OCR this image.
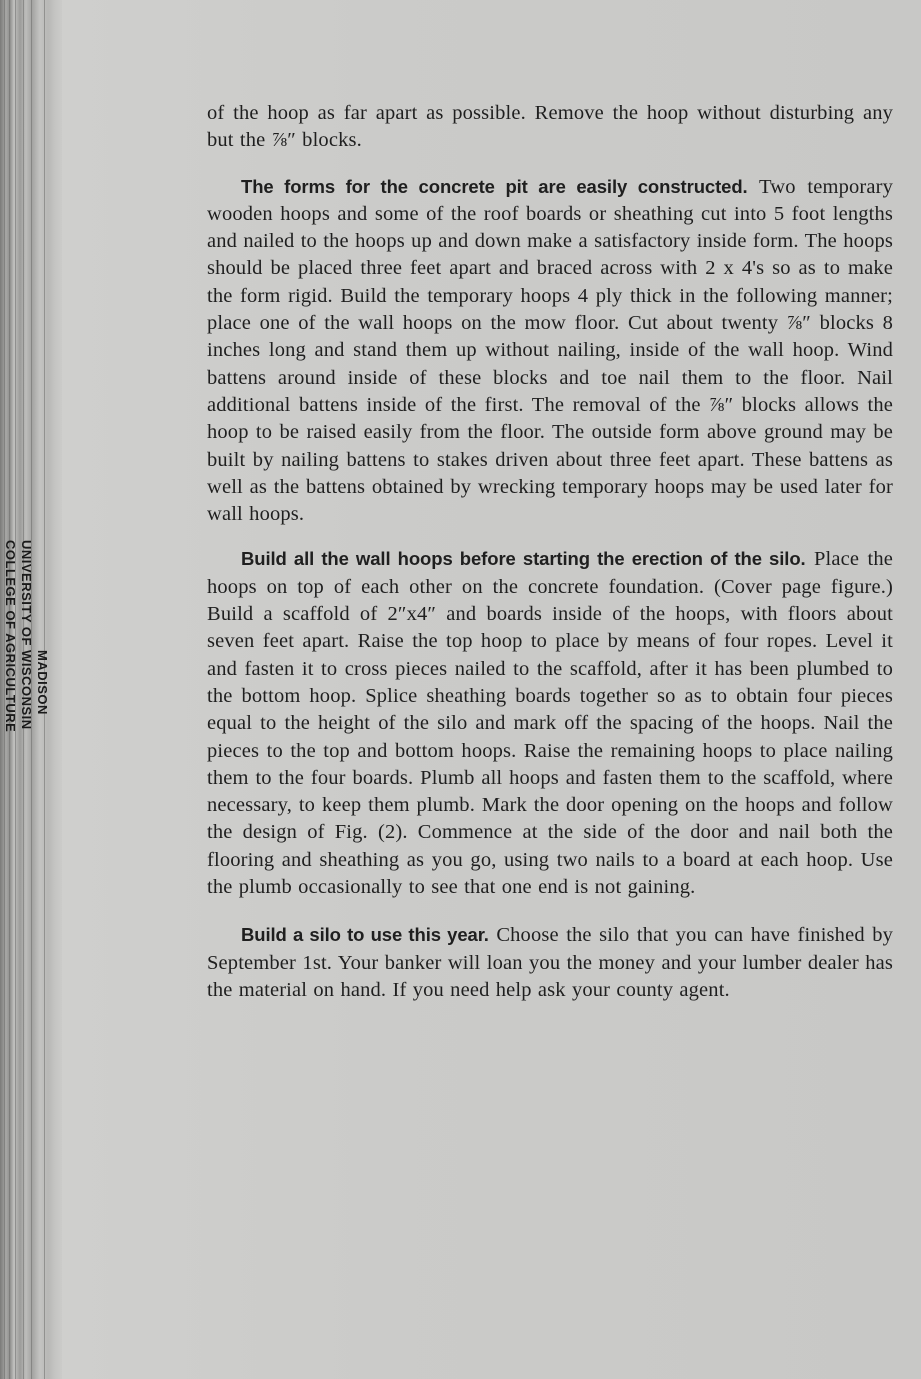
COLLEGE OF AGRICULTURE UNIVERSITY OF WISCONSIN MADISON

of the hoop as far apart as possible. Remove the hoop without disturbing any but the ⅞″ blocks.

The forms for the concrete pit are easily constructed. Two temporary wooden hoops and some of the roof boards or sheathing cut into 5 foot lengths and nailed to the hoops up and down make a satisfactory inside form. The hoops should be placed three feet apart and braced across with 2 x 4's so as to make the form rigid. Build the temporary hoops 4 ply thick in the following manner; place one of the wall hoops on the mow floor. Cut about twenty ⅞″ blocks 8 inches long and stand them up without nailing, inside of the wall hoop. Wind battens around inside of these blocks and toe nail them to the floor. Nail additional battens inside of the first. The removal of the ⅞″ blocks allows the hoop to be raised easily from the floor. The outside form above ground may be built by nailing battens to stakes driven about three feet apart. These battens as well as the battens obtained by wrecking temporary hoops may be used later for wall hoops.

Build all the wall hoops before starting the erection of the silo. Place the hoops on top of each other on the concrete foundation. (Cover page figure.) Build a scaffold of 2″x4″ and boards inside of the hoops, with floors about seven feet apart. Raise the top hoop to place by means of four ropes. Level it and fasten it to cross pieces nailed to the scaffold, after it has been plumbed to the bottom hoop. Splice sheathing boards together so as to obtain four pieces equal to the height of the silo and mark off the spacing of the hoops. Nail the pieces to the top and bottom hoops. Raise the remaining hoops to place nailing them to the four boards. Plumb all hoops and fasten them to the scaffold, where necessary, to keep them plumb. Mark the door opening on the hoops and follow the design of Fig. (2). Commence at the side of the door and nail both the flooring and sheathing as you go, using two nails to a board at each hoop. Use the plumb occasionally to see that one end is not gaining.

Build a silo to use this year. Choose the silo that you can have finished by September 1st. Your banker will loan you the money and your lumber dealer has the material on hand. If you need help ask your county agent.
